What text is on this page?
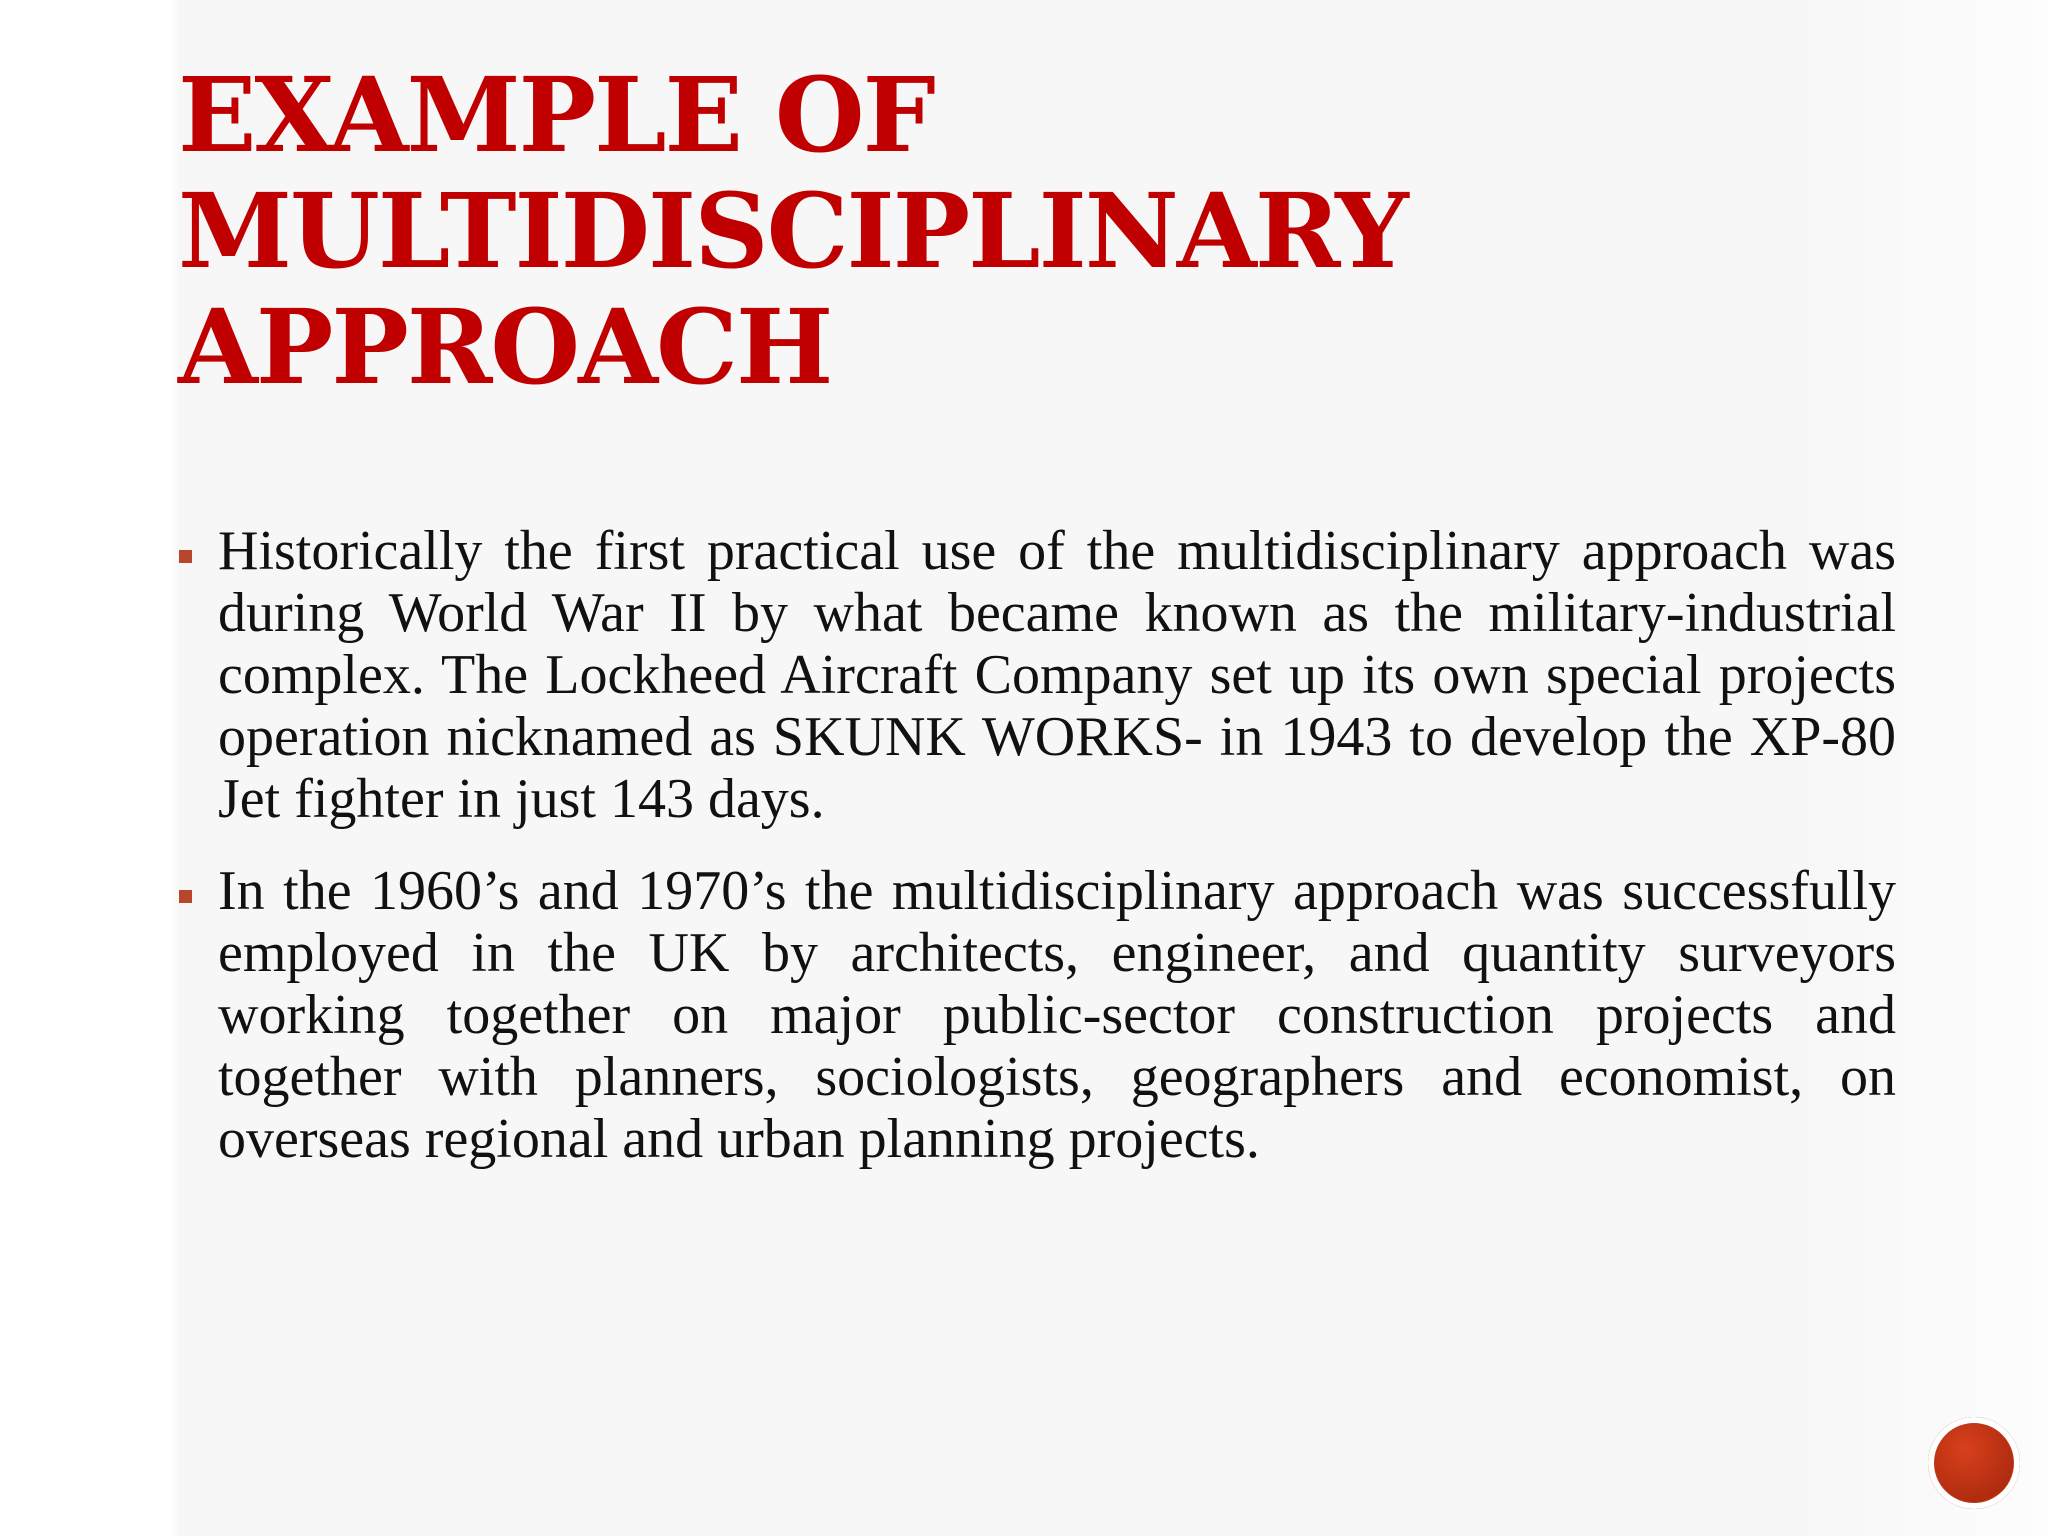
EXAMPLE OF
MULTIDISCIPLINARY
APPROACH
Historically the first practical use of the multidisciplinary approach was during World War II by what became known as the military-industrial complex. The Lockheed Aircraft Company set up its own special projects operation nicknamed as SKUNK WORKS- in 1943 to develop the XP-80 Jet fighter in just 143 days.
In the 1960’s and 1970’s the multidisciplinary approach was successfully employed in the UK by architects, engineer, and quantity surveyors working together on major public-sector construction projects and together with planners, sociologists, geographers and economist, on overseas regional and urban planning projects.
